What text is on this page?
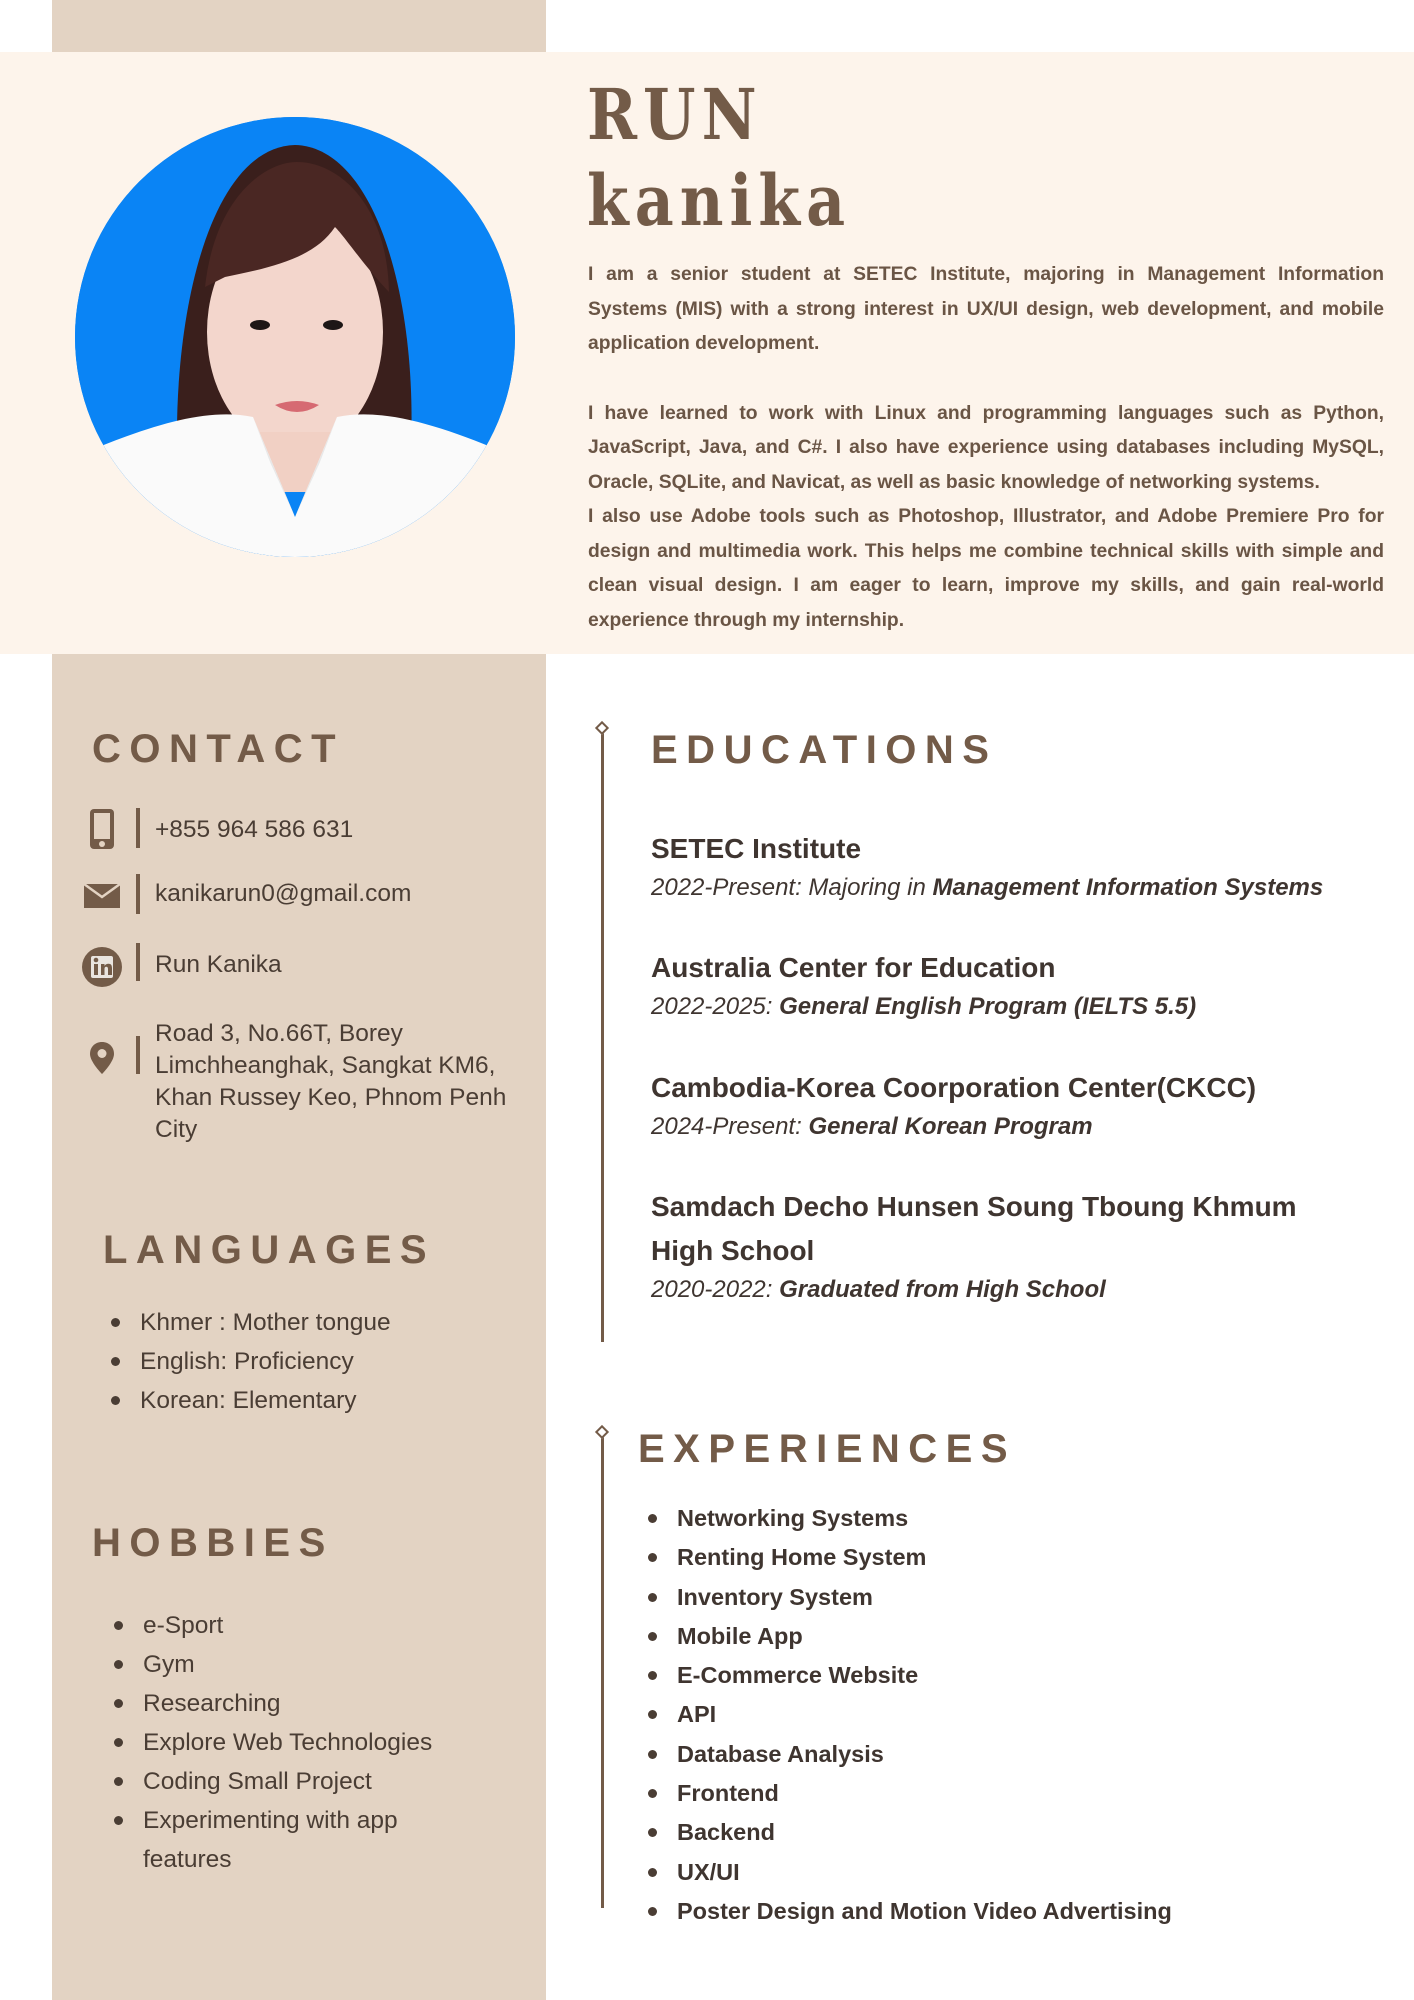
RUN
kanika

I am a senior student at SETEC Institute, majoring in Management Information Systems (MIS) with a strong interest in UX/UI design, web development, and mobile application development.

I have learned to work with Linux and programming languages such as Python, JavaScript, Java, and C#. I also have experience using databases including MySQL, Oracle, SQLite, and Navicat, as well as basic knowledge of networking systems.

I also use Adobe tools such as Photoshop, Illustrator, and Adobe Premiere Pro for design and multimedia work. This helps me combine technical skills with simple and clean visual design. I am eager to learn, improve my skills, and gain real-world experience through my internship.

CONTACT
+855 964 586 631
kanikarun0@gmail.com
Run Kanika
Road 3, No.66T, Borey Limchheanghak, Sangkat KM6, Khan Russey Keo, Phnom Penh City
LANGUAGES
Khmer : Mother tongue
English: Proficiency
Korean: Elementary
HOBBIES
e-Sport
Gym
Researching
Explore Web Technologies
Coding Small Project
Experimenting with app features
EDUCATIONS
SETEC Institute
2022-Present: Majoring in Management Information Systems
Australia Center for Education
2022-2025: General English Program (IELTS 5.5)
Cambodia-Korea Coorporation Center(CKCC)
2024-Present: General Korean Program
Samdach Decho Hunsen Soung Tboung Khmum High School
2020-2022: Graduated from High School
EXPERIENCES
Networking Systems
Renting Home System
Inventory System
Mobile App
E-Commerce Website
API
Database Analysis
Frontend
Backend
UX/UI
Poster Design and Motion Video Advertising
